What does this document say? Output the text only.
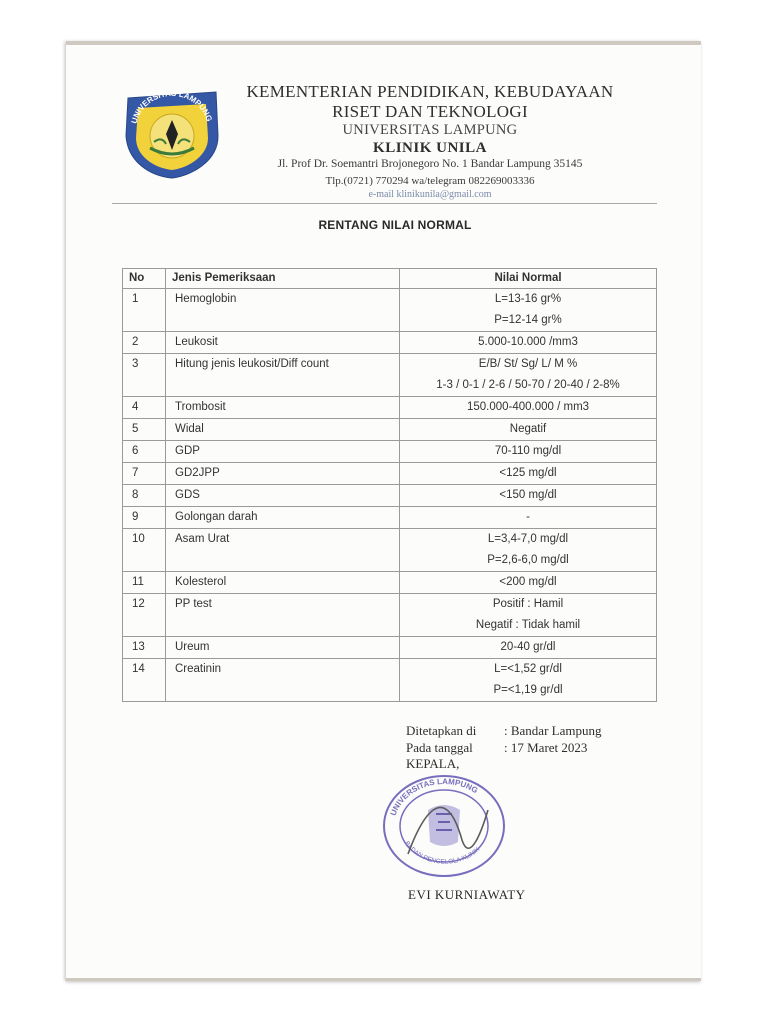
UNIVERSITAS LAMPUNG
KEMENTERIAN PENDIDIKAN, KEBUDAYAAN
RISET DAN TEKNOLOGI
UNIVERSITAS LAMPUNG
KLINIK UNILA
Jl. Prof Dr. Soemantri Brojonegoro No. 1 Bandar Lampung 35145
Tlp.(0721) 770294 wa/telegram 082269003336
e-mail klinikunila@gmail.com
RENTANG NILAI NORMAL
No	Jenis Pemeriksaan	Nilai Normal
1	Hemoglobin	L=13-16 gr%
P=12-14 gr%

2	Leukosit	5.000-10.000 /mm3

3	Hitung jenis leukosit/Diff count	E/B/ St/ Sg/ L/ M %
1-3 / 0-1 / 2-6 / 50-70 / 20-40 / 2-8%

4	Trombosit	150.000-400.000 / mm3

5	Widal	Negatif

6	GDP	70-110 mg/dl

7	GD2JPP	<125 mg/dl

8	GDS	<150 mg/dl

9	Golongan darah	-

10	Asam Urat	L=3,4-7,0 mg/dl
P=2,6-6,0 mg/dl

11	Kolesterol	<200 mg/dl

12	PP test	Positif : Hamil
Negatif : Tidak hamil

13	Ureum	20-40 gr/dl

14	Creatinin	L=<1,52 gr/dl
P=<1,19 gr/dl
Ditetapkan di : Bandar Lampung
Pada tanggal : 17 Maret 2023
KEPALA,
UNIVERSITAS LAMPUNG
BADAN PENGELOLA KLINIK
EVI KURNIAWATY
